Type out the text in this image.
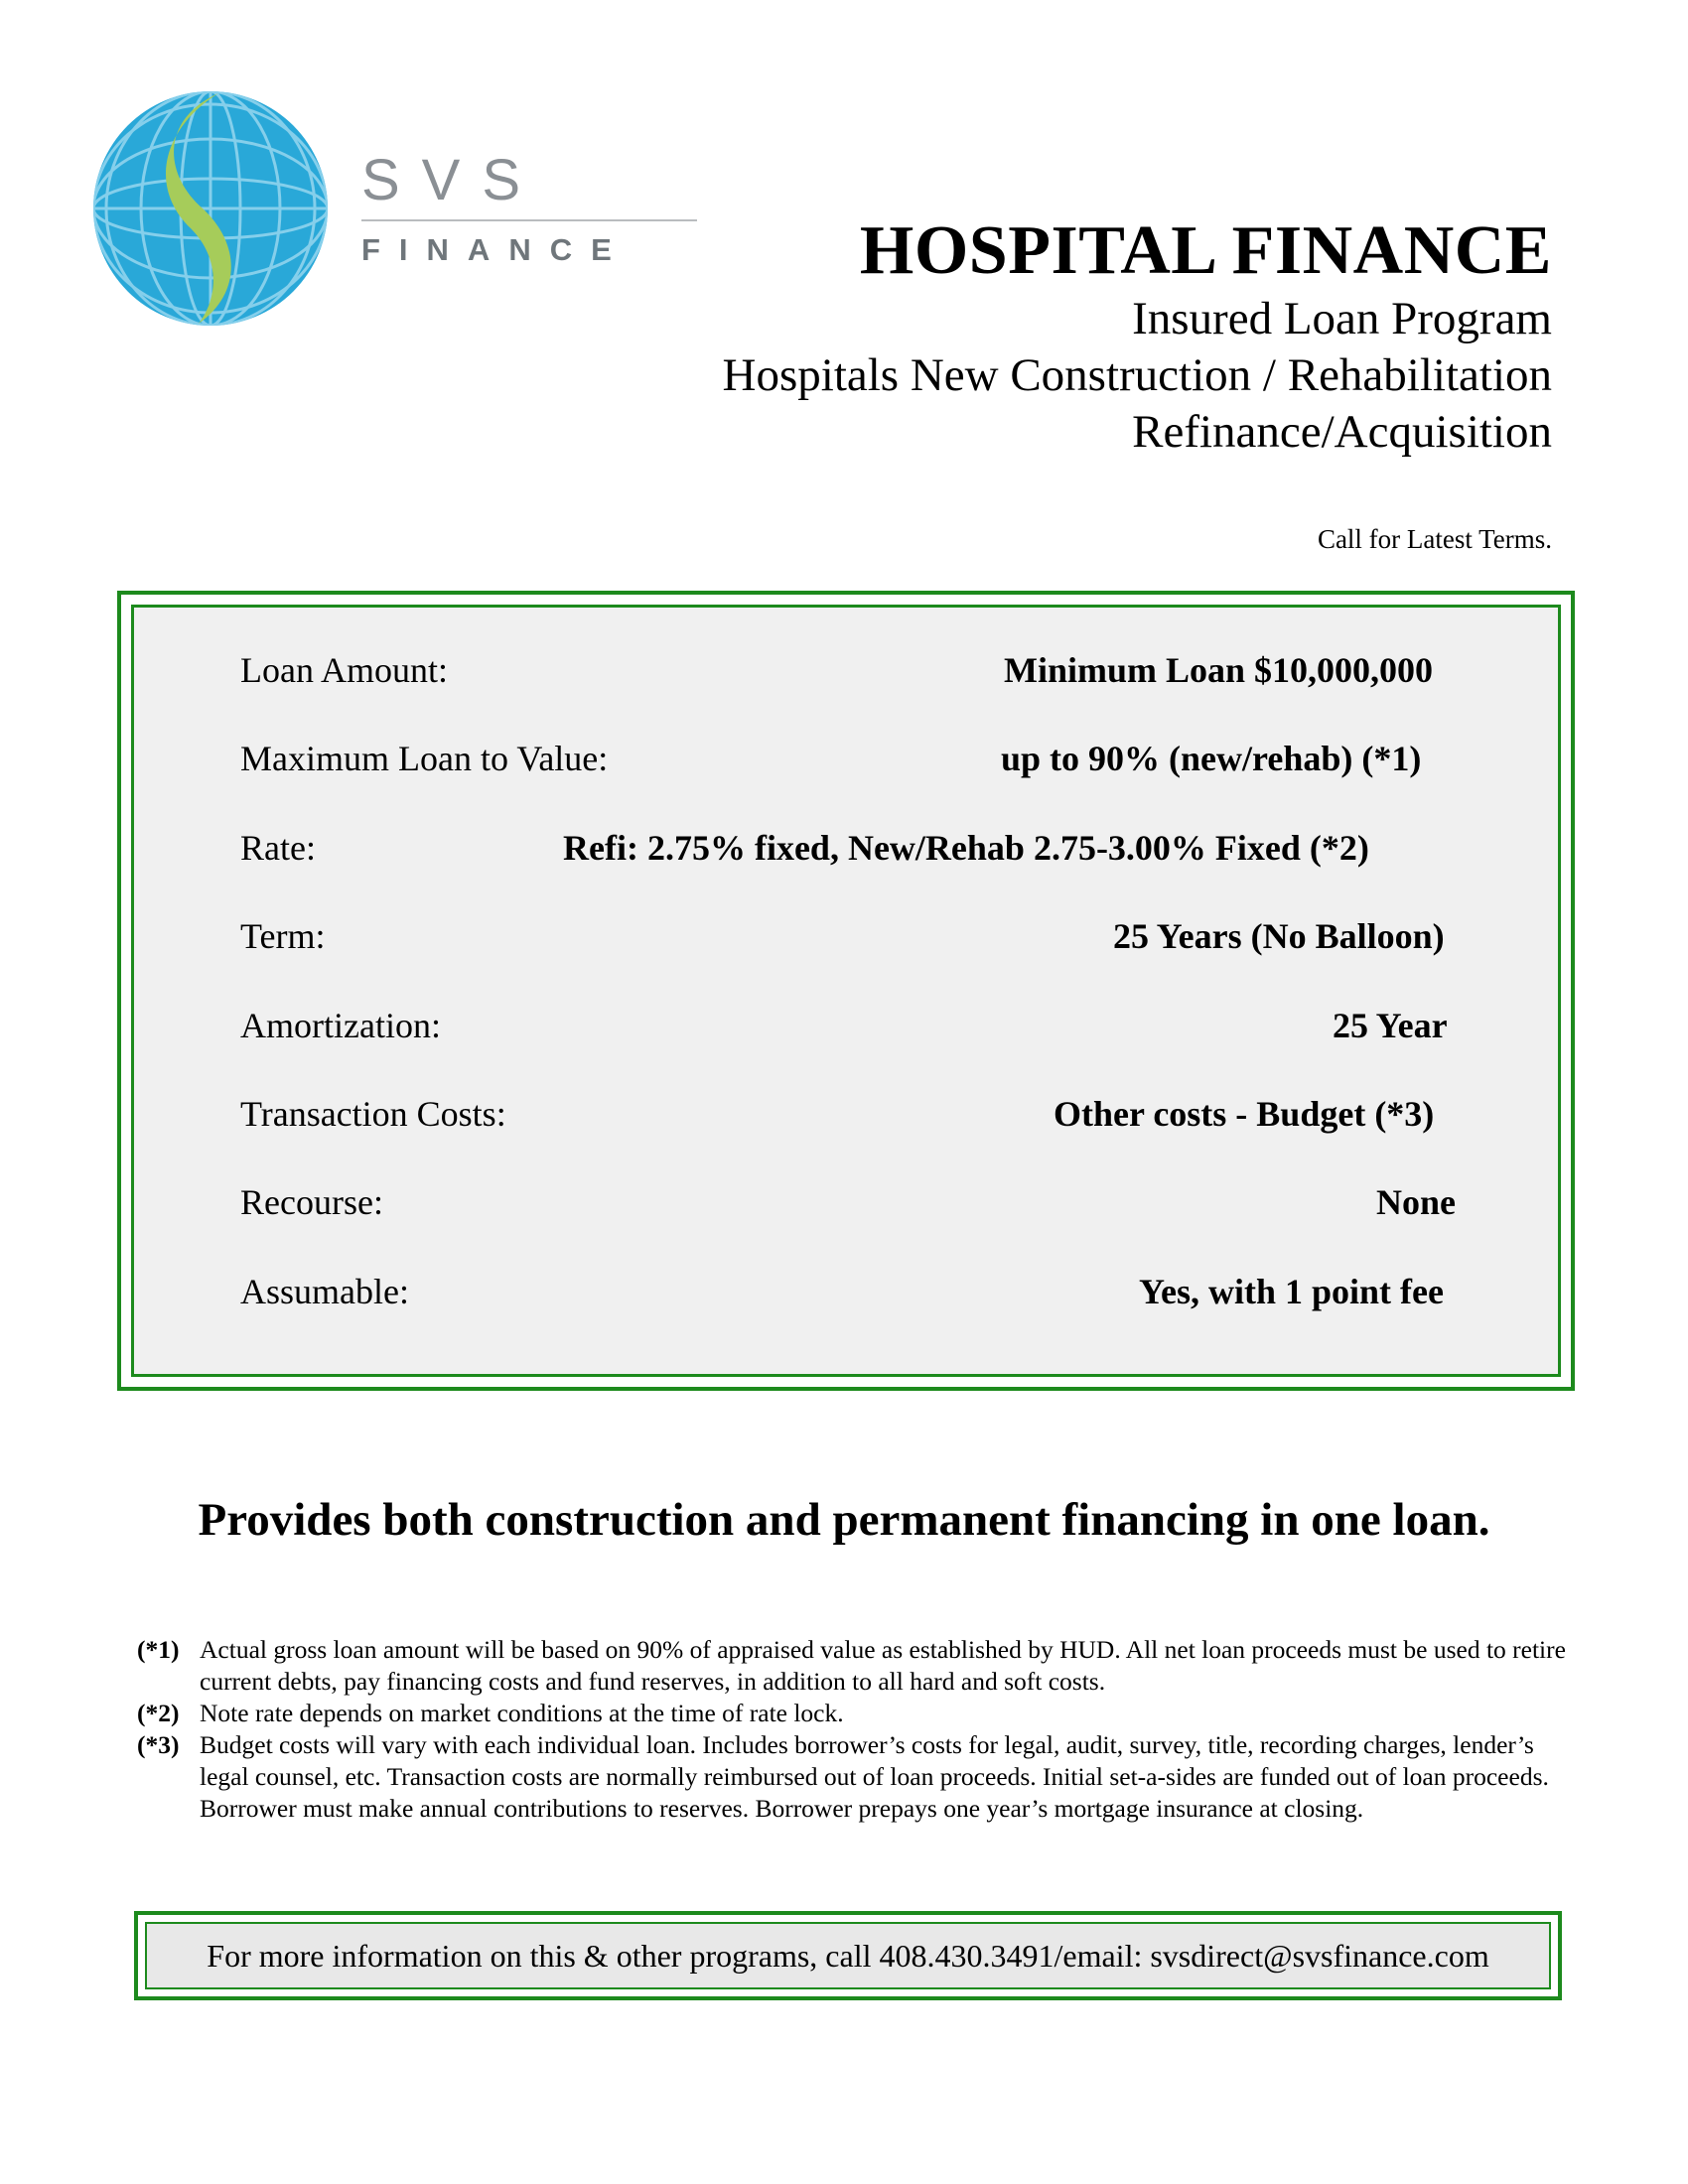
SVS
FINANCE	HOSPITAL FINANCE
Insured Loan Program
Hospitals New Construction / Rehabilitation
Refinance/Acquisition
Call for Latest Terms.
Loan Amount:	Minimum Loan $10,000,000
Maximum Loan to Value:	up to 90% (new/rehab) (*1)
Rate:	Refi: 2.75% fixed, New/Rehab 2.75-3.00% Fixed (*2)
Term:	25 Years (No Balloon)
Amortization:	25 Year
Transaction Costs:	Other costs - Budget (*3)
Recourse:	None
Assumable:	Yes, with 1 point fee
Provides both construction and permanent financing in one loan.
(*1) Actual gross loan amount will be based on 90% of appraised value as established by HUD. All net loan proceeds must be used to retire current debts, pay financing costs and fund reserves, in addition to all hard and soft costs.
(*2) Note rate depends on market conditions at the time of rate lock.
(*3) Budget costs will vary with each individual loan. Includes borrower’s costs for legal, audit, survey, title, recording charges, lender’s legal counsel, etc. Transaction costs are normally reimbursed out of loan proceeds. Initial set-a-sides are funded out of loan proceeds. Borrower must make annual contributions to reserves. Borrower prepays one year’s mortgage insurance at closing.
For more information on this & other programs, call 408.430.3491/email: svsdirect@svsfinance.com
